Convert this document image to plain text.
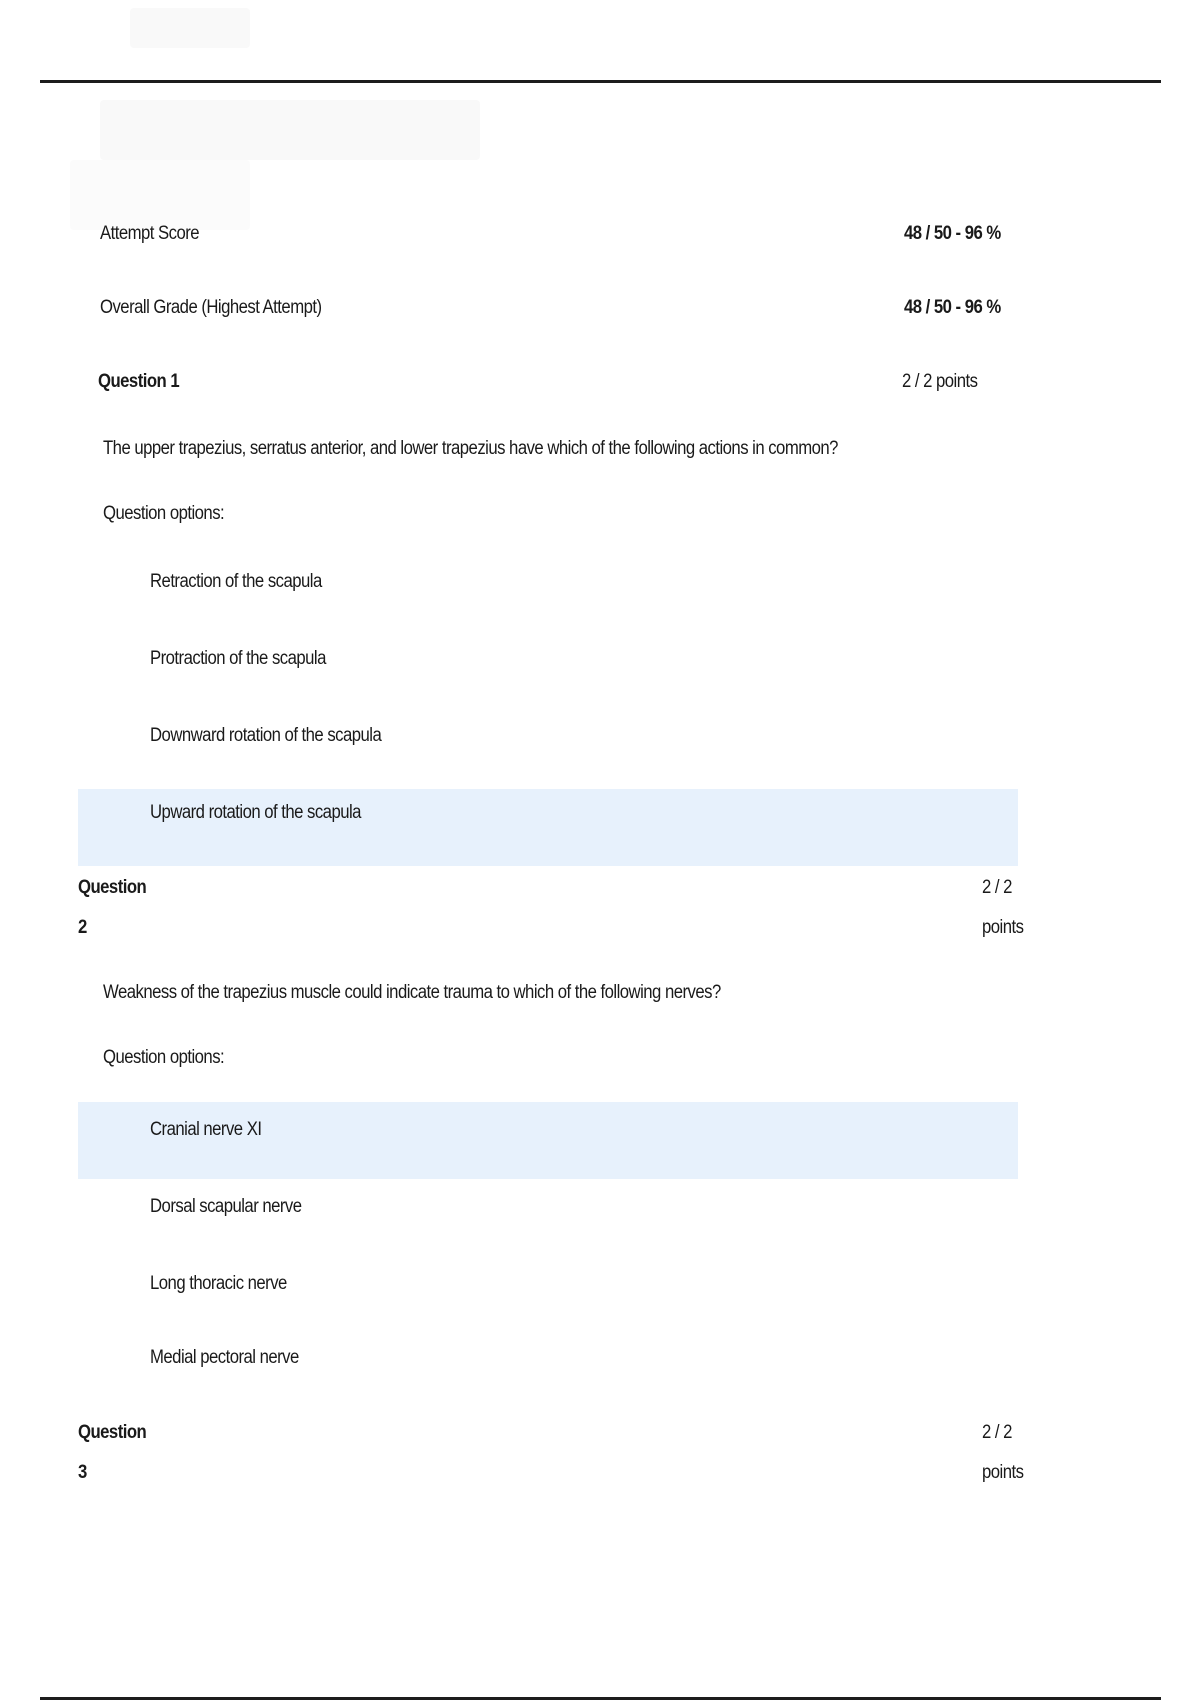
Attempt Score	48 / 50 - 96 %
Overall Grade (Highest Attempt)	48 / 50 - 96 %
Question 1	2 / 2 points
The upper trapezius, serratus anterior, and lower trapezius have which of the following actions in common?
Question options:
Retraction of the scapula
Protraction of the scapula
Downward rotation of the scapula
Upward rotation of the scapula
Question
2
2 / 2
points
Weakness of the trapezius muscle could indicate trauma to which of the following nerves?
Question options:
Cranial nerve XI
Dorsal scapular nerve
Long thoracic nerve
Medial pectoral nerve
Question
3
2 / 2
points
